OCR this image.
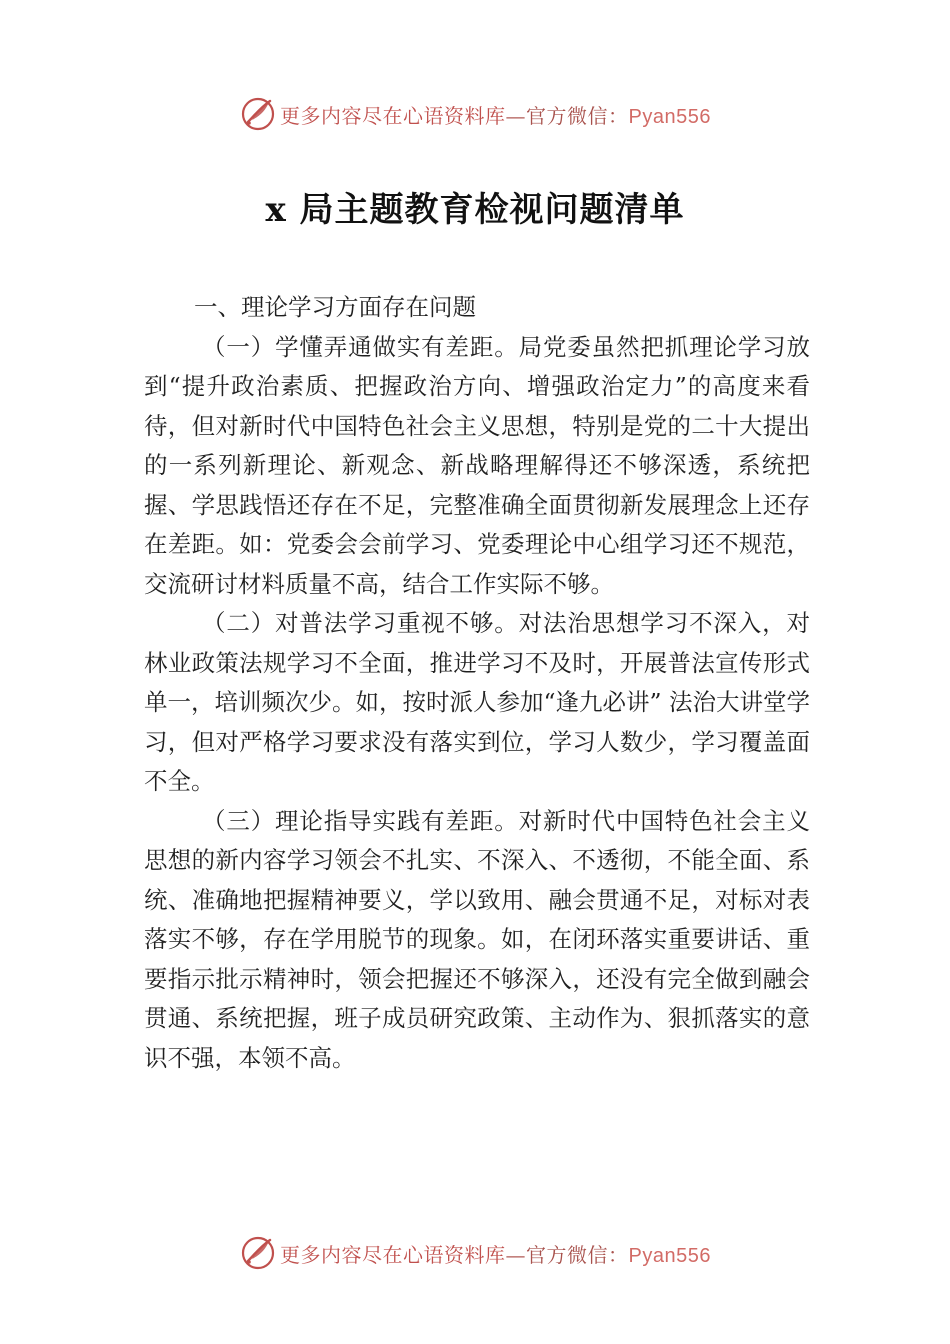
更多内容尽在心语资料库—官方微信：Pyan556
x 局主题教育检视问题清单

一、理论学习方面存在问题

（一）学懂弄通做实有差距。局党委虽然把抓理论学习放到“提升政治素质、把握政治方向、增强政治定力”的高度来看待，但对新时代中国特色社会主义思想，特别是党的二十大提出的一系列新理论、新观念、新战略理解得还不够深透，系统把握、学思践悟还存在不足，完整准确全面贯彻新发展理念上还存在差距。如：党委会会前学习、党委理论中心组学习还不规范，交流研讨材料质量不高，结合工作实际不够。

（二）对普法学习重视不够。对法治思想学习不深入，对林业政策法规学习不全面，推进学习不及时，开展普法宣传形式单一，培训频次少。如，按时派人参加“逢九必讲” 法治大讲堂学习，但对严格学习要求没有落实到位，学习人数少，学习覆盖面不全。

（三）理论指导实践有差距。对新时代中国特色社会主义思想的新内容学习领会不扎实、不深入、不透彻，不能全面、系统、准确地把握精神要义，学以致用、融会贯通不足，对标对表落实不够，存在学用脱节的现象。如，在闭环落实重要讲话、重要指示批示精神时，领会把握还不够深入，还没有完全做到融会贯通、系统把握，班子成员研究政策、主动作为、狠抓落实的意识不强，本领不高。

更多内容尽在心语资料库—官方微信：Pyan556
